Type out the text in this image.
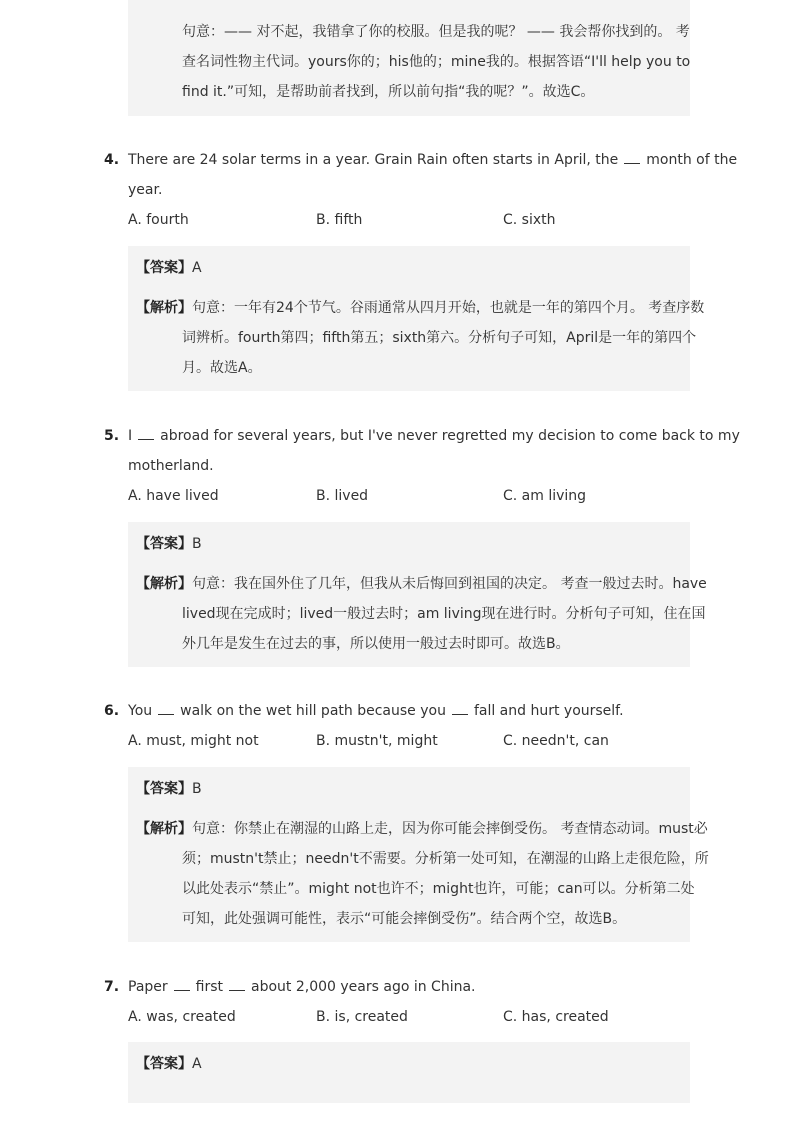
句意：—— 对不起，我错拿了你的校服。但是我的呢？ —— 我会帮你找到的。 考
查名词性物主代词。yours你的；his他的；mine我的。根据答语“I'll help you to
find it.”可知，是帮助前者找到，所以前句指“我的呢？”。故选C。
4. There are 24 solar terms in a year. Grain Rain often starts in April, the month of the
year.
A. fourth	B. fifth	C. sixth
【答案】A
【解析】句意：一年有24个节气。谷雨通常从四月开始，也就是一年的第四个月。 考查序数
词辨析。fourth第四；fifth第五；sixth第六。分析句子可知，April是一年的第四个
月。故选A。
5. I abroad for several years, but I've never regretted my decision to come back to my
motherland.
A. have lived	B. lived	C. am living
【答案】B
【解析】句意：我在国外住了几年，但我从未后悔回到祖国的决定。 考查一般过去时。have
lived现在完成时；lived一般过去时；am living现在进行时。分析句子可知，住在国
外几年是发生在过去的事，所以使用一般过去时即可。故选B。
6. You walk on the wet hill path because you fall and hurt yourself.
A. must, might not	B. mustn't, might	C. needn't, can
【答案】B
【解析】句意：你禁止在潮湿的山路上走，因为你可能会摔倒受伤。 考查情态动词。must必
须；mustn't禁止；needn't不需要。分析第一处可知，在潮湿的山路上走很危险，所
以此处表示“禁止”。might not也许不；might也许，可能；can可以。分析第二处
可知，此处强调可能性，表示“可能会摔倒受伤”。结合两个空，故选B。
7. Paper first about 2,000 years ago in China.
A. was, created	B. is, created	C. has, created
【答案】A
